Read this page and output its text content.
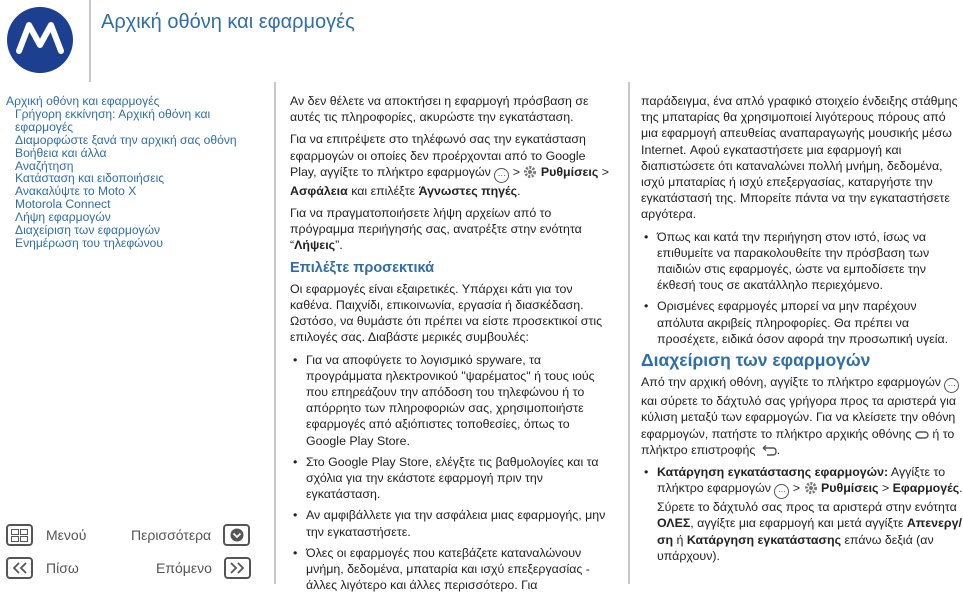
Αρχική οθόνη και εφαρμογές
Αρχική οθόνη και εφαρμογές
Γρήγορη εκκίνηση: Αρχική οθόνη και εφαρμογές
Διαμορφώστε ξανά την αρχική σας οθόνη
Βοήθεια και άλλα
Αναζήτηση
Κατάσταση και ειδοποιήσεις
Ανακαλύψτε το Moto X
Motorola Connect
Λήψη εφαρμογών
Διαχείριση των εφαρμογών
Ενημέρωση του τηλεφώνου
Μενού	Περισσότερα
Πίσω	Επόμενο

Αν δεν θέλετε να αποκτήσει η εφαρμογή πρόσβαση σε αυτές τις πληροφορίες, ακυρώστε την εγκατάσταση.

Για να επιτρέψετε στο τηλέφωνό σας την εγκατάσταση εφαρμογών οι οποίες δεν προέρχονται από το Google Play, αγγίξτε το πλήκτρο εφαρμογών ⋯ > Ρυθμίσεις > Ασφάλεια και επιλέξτε Άγνωστες πηγές.

Για να πραγματοποιήσετε λήψη αρχείων από το πρόγραμμα περιήγησής σας, ανατρέξτε στην ενότητα “Λήψεις”.

Επιλέξτε προσεκτικά

Οι εφαρμογές είναι εξαιρετικές. Υπάρχει κάτι για τον καθένα. Παιχνίδι, επικοινωνία, εργασία ή διασκέδαση. Ωστόσο, να θυμάστε ότι πρέπει να είστε προσεκτικοί στις επιλογές σας. Διαβάστε μερικές συμβουλές:

• Για να αποφύγετε το λογισμικό spyware, τα προγράμματα ηλεκτρονικού "ψαρέματος" ή τους ιούς που επηρεάζουν την απόδοση του τηλεφώνου ή το απόρρητο των πληροφοριών σας, χρησιμοποιήστε εφαρμογές από αξιόπιστες τοποθεσίες, όπως το Google Play Store.
• Στο Google Play Store, ελέγξτε τις βαθμολογίες και τα σχόλια για την εκάστοτε εφαρμογή πριν την εγκατάσταση.
• Αν αμφιβάλλετε για την ασφάλεια μιας εφαρμογής, μην την εγκαταστήσετε.
• Όλες οι εφαρμογές που κατεβάζετε καταναλώνουν μνήμη, δεδομένα, μπαταρία και ισχύ επεξεργασίας - άλλες λιγότερο και άλλες περισσότερο. Για

παράδειγμα, ένα απλό γραφικό στοιχείο ένδειξης στάθμης της μπαταρίας θα χρησιμοποιεί λιγότερους πόρους από μια εφαρμογή απευθείας αναπαραγωγής μουσικής μέσω Internet. Αφού εγκαταστήσετε μια εφαρμογή και διαπιστώσετε ότι καταναλώνει πολλή μνήμη, δεδομένα, ισχύ μπαταρίας ή ισχύ επεξεργασίας, καταργήστε την εγκατάστασή της. Μπορείτε πάντα να την εγκαταστήσετε αργότερα.

• Όπως και κατά την περιήγηση στον ιστό, ίσως να επιθυμείτε να παρακολουθείτε την πρόσβαση των παιδιών στις εφαρμογές, ώστε να εμποδίσετε την έκθεσή τους σε ακατάλληλο περιεχόμενο.
• Ορισμένες εφαρμογές μπορεί να μην παρέχουν απόλυτα ακριβείς πληροφορίες. Θα πρέπει να προσέχετε, ειδικά όσον αφορά την προσωπική υγεία.
Διαχείριση των εφαρμογών

Από την αρχική οθόνη, αγγίξτε το πλήκτρο εφαρμογών ⋯ και σύρετε το δάχτυλό σας γρήγορα προς τα αριστερά για κύλιση μεταξύ των εφαρμογών. Για να κλείσετε την οθόνη εφαρμογών, πατήστε το πλήκτρο αρχικής οθόνης ή το πλήκτρο επιστροφής .

• Κατάργηση εγκατάστασης εφαρμογών: Αγγίξτε το πλήκτρο εφαρμογών ⋯ > Ρυθμίσεις > Εφαρμογές. Σύρετε το δάχτυλό σας προς τα αριστερά στην ενότητα ΟΛΕΣ, αγγίξτε μια εφαρμογή και μετά αγγίξτε Απενεργ/ση ή Κατάργηση εγκατάστασης επάνω δεξιά (αν υπάρχουν).
